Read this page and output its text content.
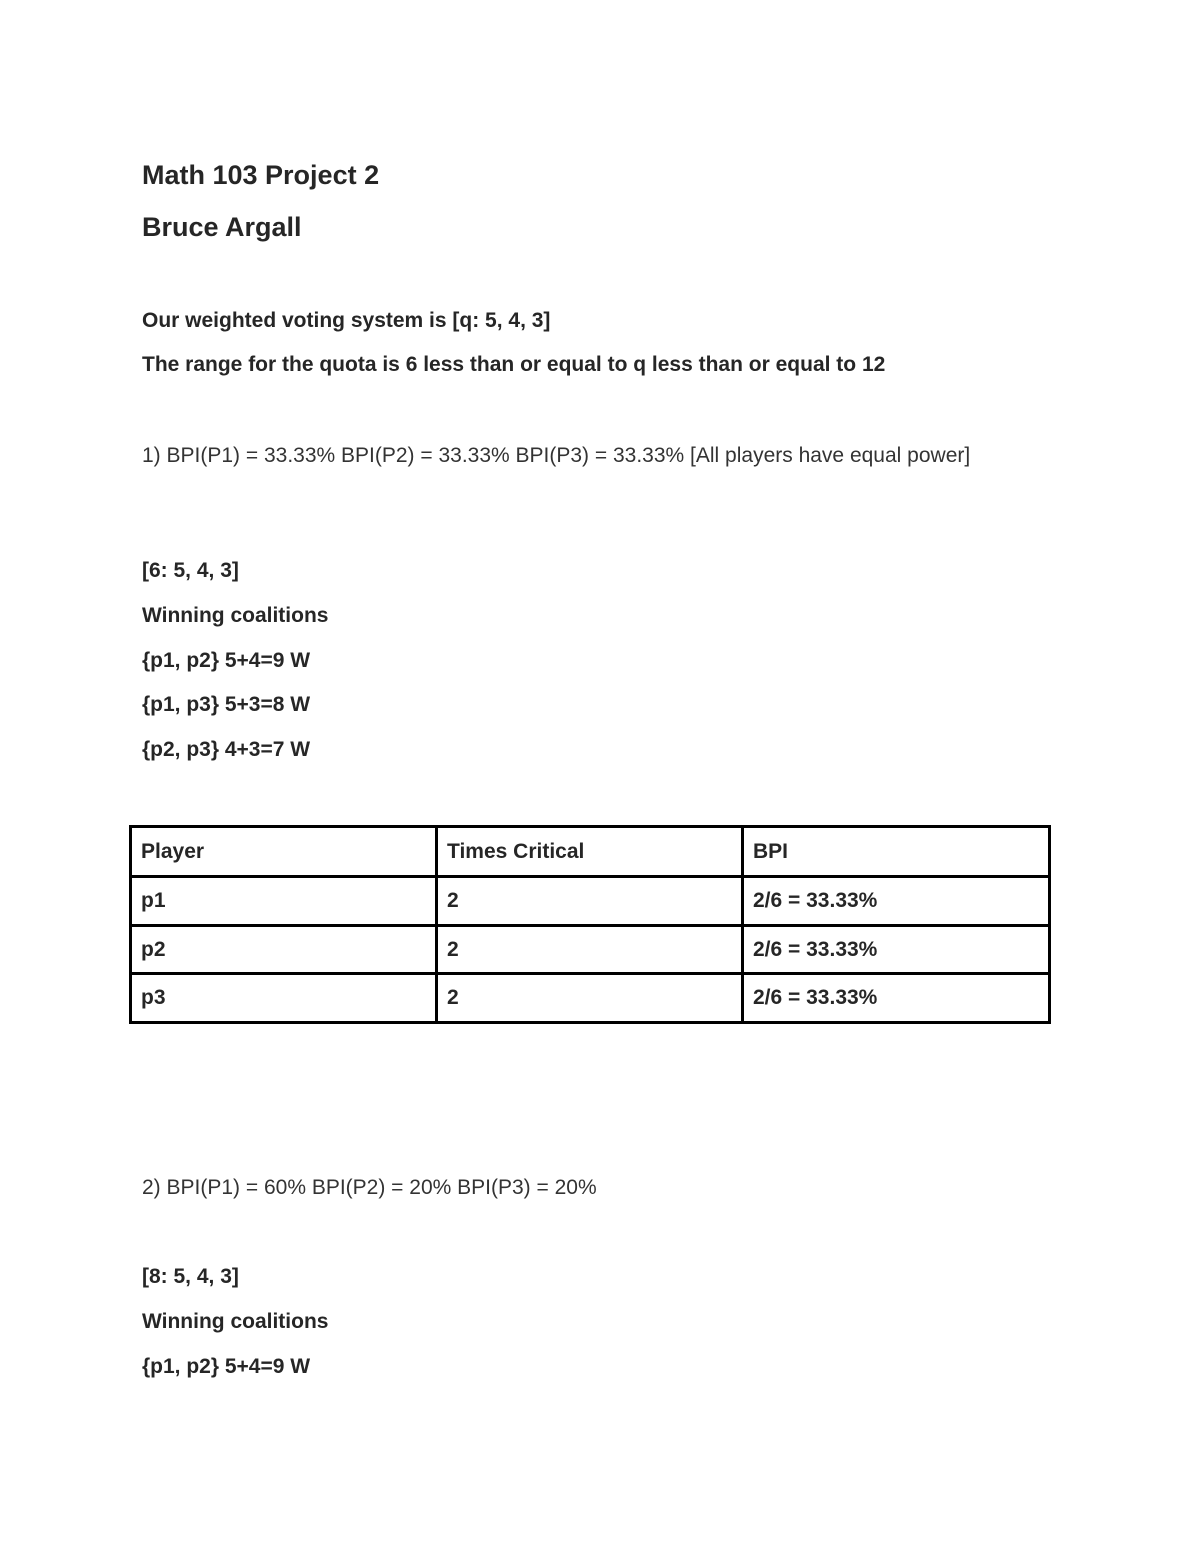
Math 103 Project 2
Bruce Argall
Our weighted voting system is [q: 5, 4, 3]
The range for the quota is 6 less than or equal to q less than or equal to 12
1) BPI(P1) = 33.33% BPI(P2) = 33.33% BPI(P3) = 33.33% [All players have equal power]
[6: 5, 4, 3]
Winning coalitions
{p1, p2} 5+4=9 W
{p1, p3} 5+3=8 W
{p2, p3} 4+3=7 W
Player	Times Critical	BPI
p1	2	2/6 = 33.33%
p2	2	2/6 = 33.33%
p3	2	2/6 = 33.33%
2) BPI(P1) = 60% BPI(P2) = 20% BPI(P3) = 20%
[8: 5, 4, 3]
Winning coalitions
{p1, p2} 5+4=9 W
